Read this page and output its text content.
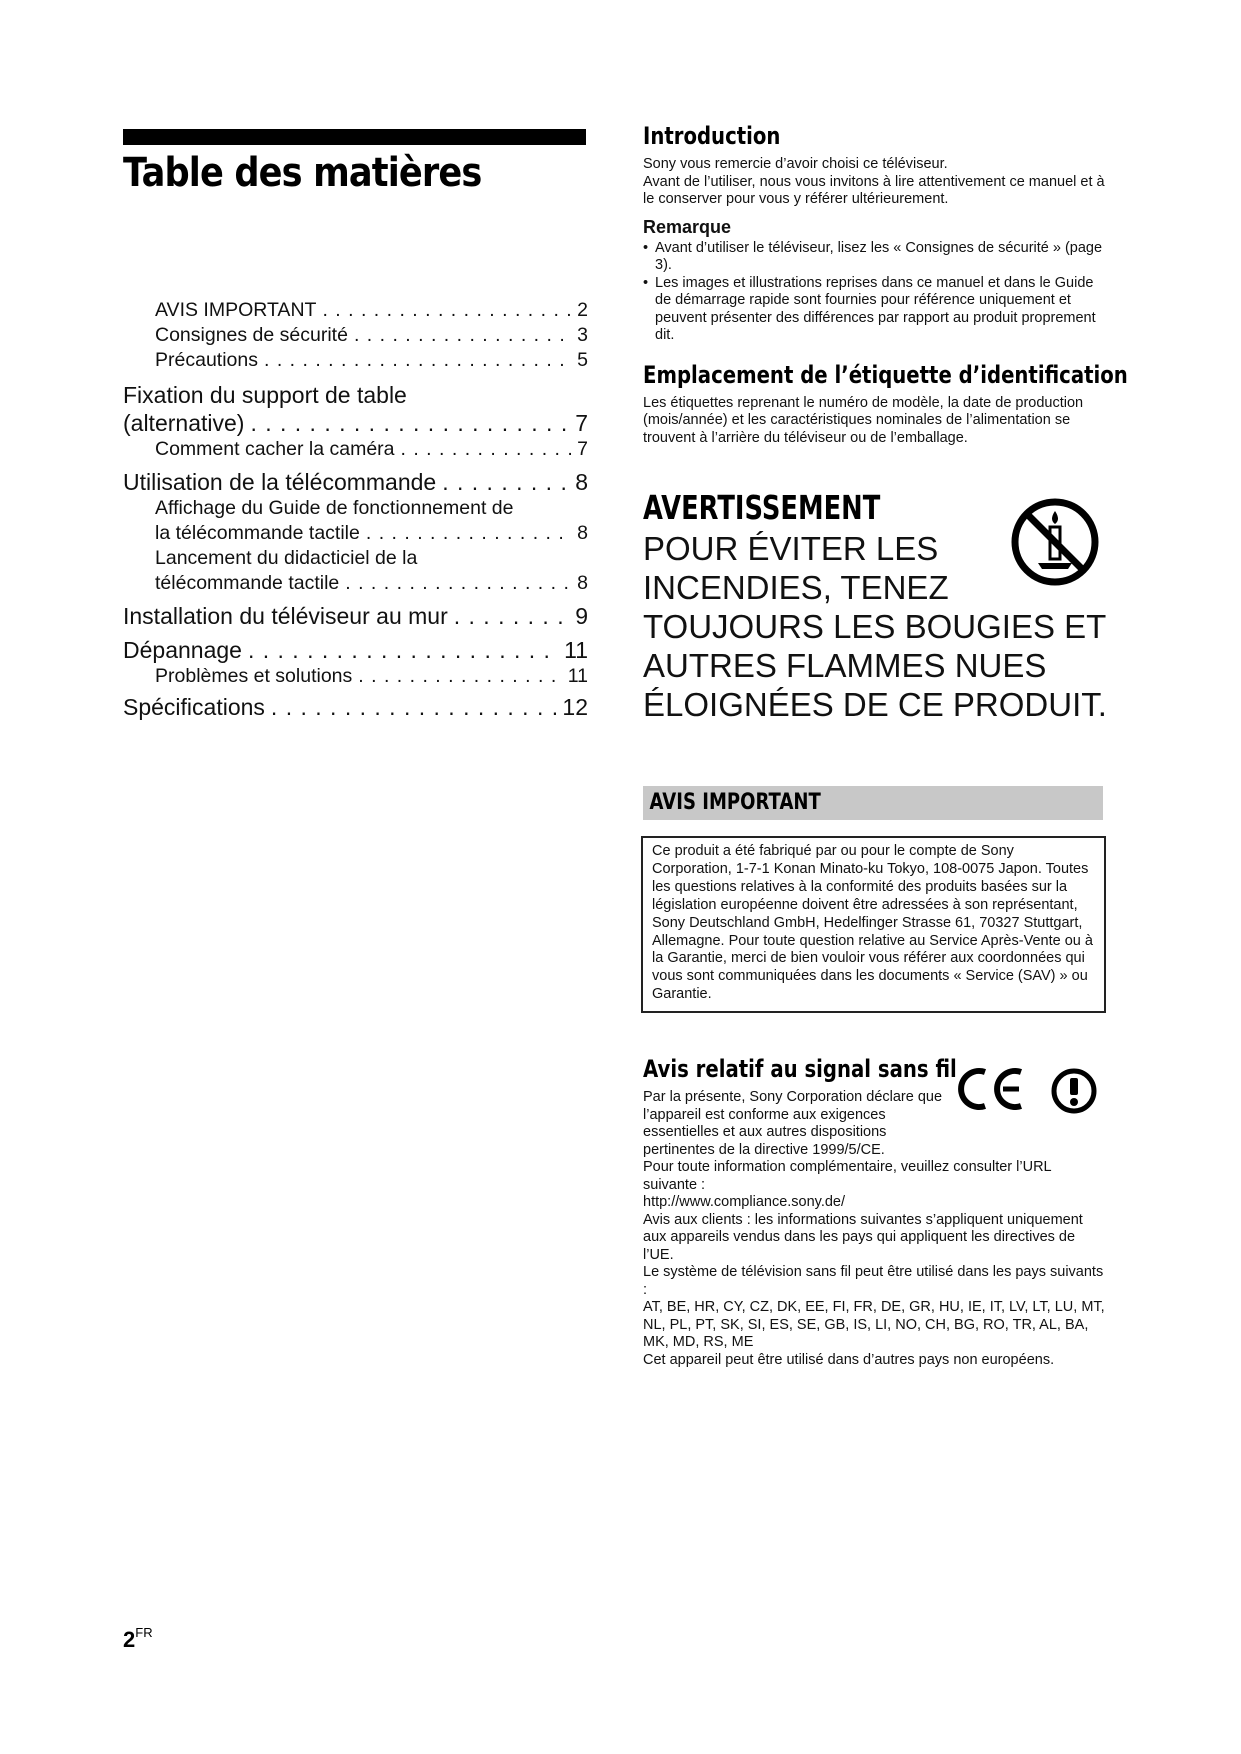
Table des matières
AVIS IMPORTANT . . .	2
Consignes de sécurité . . .	3
Précautions . . .	5
Fixation du support de table
(alternative) . . .	7
Comment cacher la caméra . . .	7
Utilisation de la télécommande . . .	8
Affichage du Guide de fonctionnement de
la télécommande tactile . . .	8
Lancement du didacticiel de la
télécommande tactile . . .	8
Installation du téléviseur au mur . . .	9
Dépannage . . .	11
Problèmes et solutions . . .	11
Spécifications . . .	12
$2^{FR}$
Introduction

Sony vous remercie d’avoir choisi ce téléviseur.

Avant de l’utiliser, nous vous invitons à lire attentivement ce manuel et à le conserver pour vous y référer ultérieurement.

Remarque
• Avant d’utiliser le téléviseur, lisez les « Consignes de sécurité » (page 3).
• Les images et illustrations reprises dans ce manuel et dans le Guide de démarrage rapide sont fournies pour référence uniquement et peuvent présenter des différences par rapport au produit proprement dit.
Emplacement de l’étiquette d’identification

Les étiquettes reprenant le numéro de modèle, la date de production (mois/année) et les caractéristiques nominales de l’alimentation se trouvent à l’arrière du téléviseur ou de l’emballage.

AVERTISSEMENT
POUR ÉVITER LES
INCENDIES, TENEZ
TOUJOURS LES BOUGIES ET
AUTRES FLAMMES NUES
ÉLOIGNÉES DE CE PRODUIT.
AVIS IMPORTANT
Ce produit a été fabriqué par ou pour le compte de Sony Corporation, 1-7-1 Konan Minato-ku Tokyo, 108-0075 Japon. Toutes les questions relatives à la conformité des produits basées sur la législation européenne doivent être adressées à son représentant, Sony Deutschland GmbH, Hedelfinger Strasse 61, 70327 Stuttgart, Allemagne. Pour toute question relative au Service Après-Vente ou à la Garantie, merci de bien vouloir vous référer aux coordonnées qui vous sont communiquées dans les documents « Service (SAV) » ou Garantie.
Avis relatif au signal sans fil

Par la présente, Sony Corporation déclare que l’appareil est conforme aux exigences essentielles et aux autres dispositions pertinentes de la directive 1999/5/CE.

Pour toute information complémentaire, veuillez consulter l’URL suivante :

http://www.compliance.sony.de/

Avis aux clients : les informations suivantes s’appliquent uniquement aux appareils vendus dans les pays qui appliquent les directives de l’UE.

Le système de télévision sans fil peut être utilisé dans les pays suivants :

AT, BE, HR, CY, CZ, DK, EE, FI, FR, DE, GR, HU, IE, IT, LV, LT, LU, MT, NL, PL, PT, SK, SI, ES, SE, GB, IS, LI, NO, CH, BG, RO, TR, AL, BA, MK, MD, RS, ME

Cet appareil peut être utilisé dans d’autres pays non européens.
